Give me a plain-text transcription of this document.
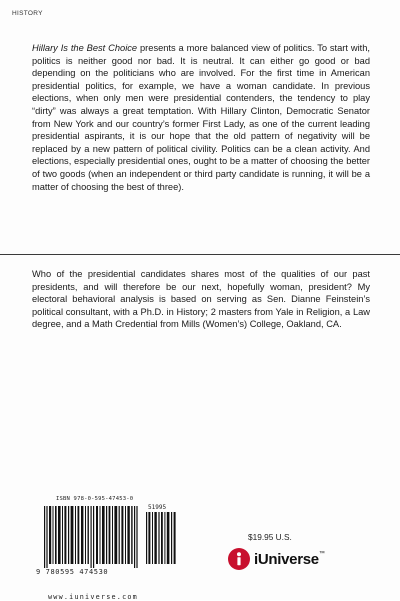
HISTORY
Hillary Is the Best Choice presents a more balanced view of politics. To start with, politics is neither good nor bad. It is neutral. It can either go good or bad depending on the politicians who are involved. For the first time in American presidential politics, for example, we have a woman candidate. In previous elections, when only men were presidential contenders, the tendency to play “dirty” was always a great temptation. With Hillary Clinton, Democratic Senator from New York and our country’s former First Lady, as one of the current leading presidential aspirants, it is our hope that the old pattern of negativity will be replaced by a new pattern of political civility. Politics can be a clean activity. And elections, especially presidential ones, ought to be a matter of choosing the better of two goods (when an independent or third party candidate is running, it will be a matter of choosing the best of three).
Who of the presidential candidates shares most of the qualities of our past presidents, and will therefore be our next, hopefully woman, president? My electoral behavioral analysis is based on serving as Sen. Dianne Feinstein’s political consultant, with a Ph.D. in History; 2 masters from Yale in Religion, a Law degree, and a Math Credential from Mills (Women’s) College, Oakland, CA.
ISBN 978-0-595-47453-0
51995
9 780595 474530
www.iuniverse.com
$19.95 U.S.
iUniverse™
